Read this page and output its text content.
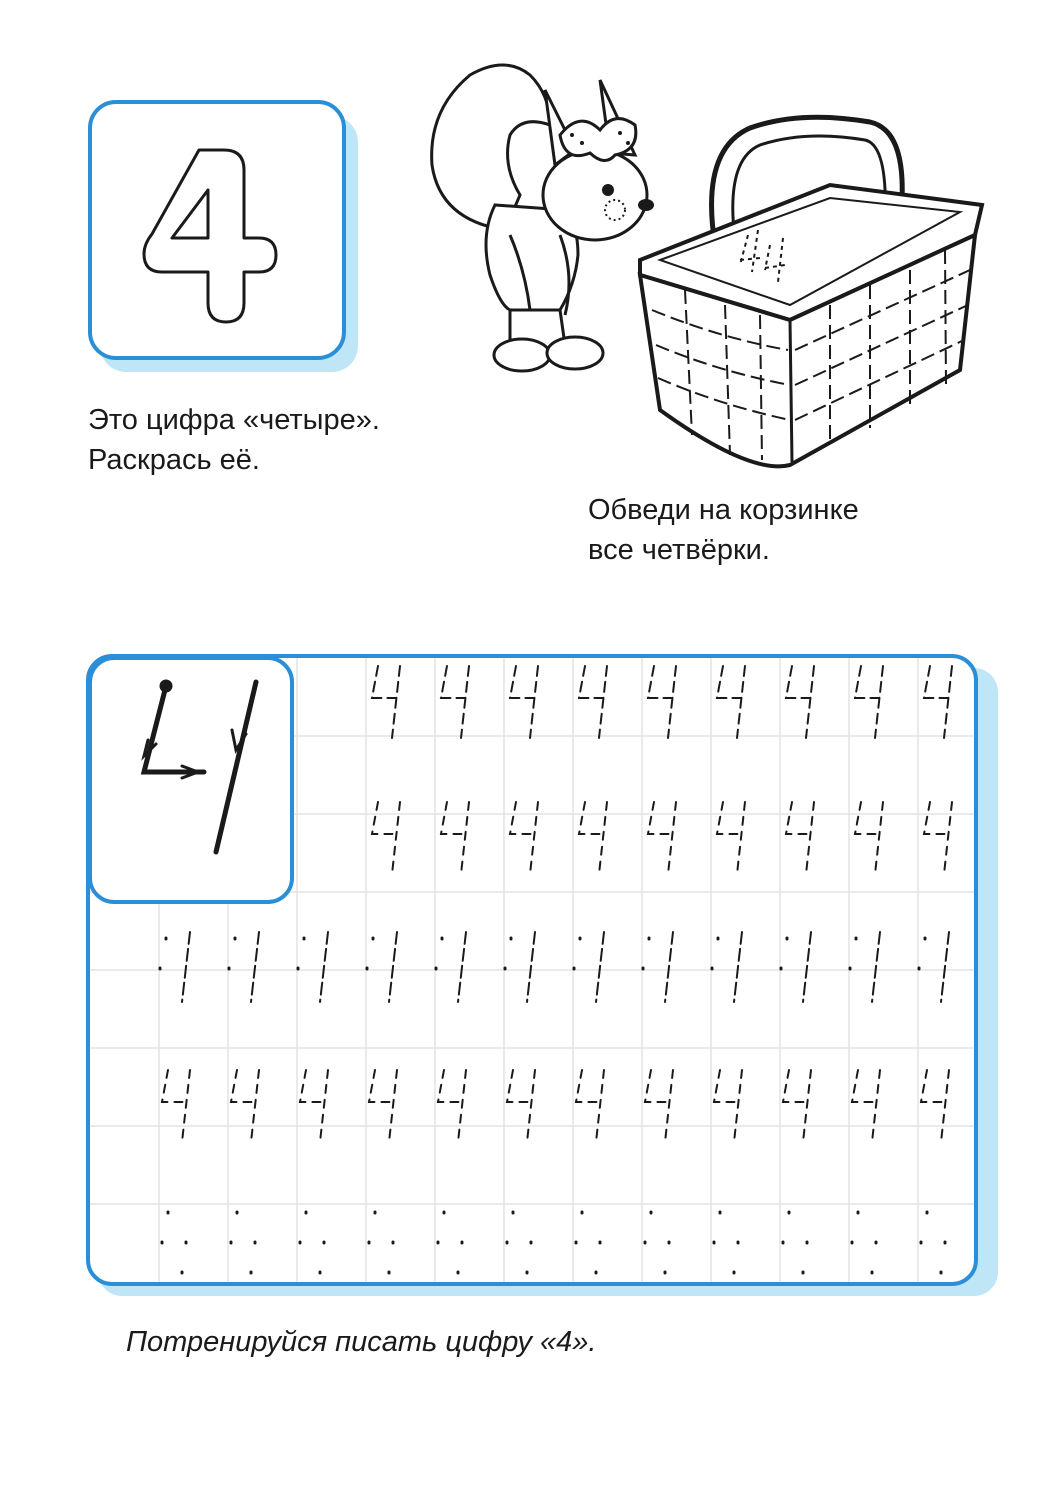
Это цифра «четыре».
Раскрась её.
Обведи на корзинке
все четвёрки.
Потренируйся писать цифру «4».
